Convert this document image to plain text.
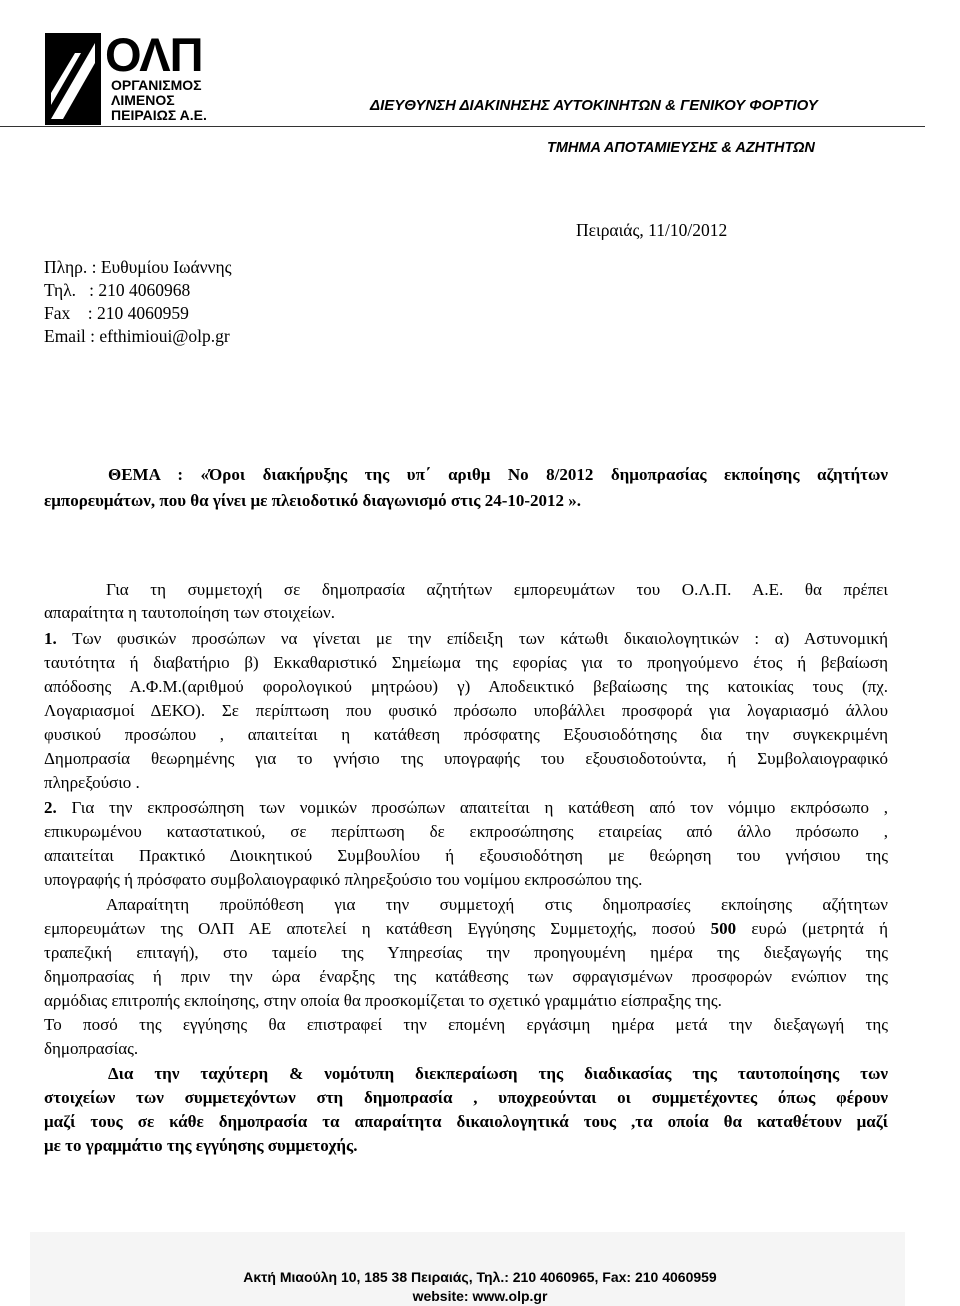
ΟΛΠ
ΟΡΓΑΝΙΣΜΟΣ
ΛΙΜΕΝΟΣ
ΠΕΙΡΑΙΩΣ Α.Ε.
ΔΙΕΥΘΥΝΣΗ ΔΙΑΚΙΝΗΣΗΣ ΑΥΤΟΚΙΝΗΤΩΝ & ΓΕΝΙΚΟΥ ΦΟΡΤΙΟΥ
ΤΜΗΜΑ ΑΠΟΤΑΜΙΕΥΣΗΣ & ΑΖΗΤΗΤΩΝ
Πειραιάς, 11/10/2012
Πληρ. : Ευθυμίου Ιωάννης
Τηλ.   : 210 4060968
Fax    : 210 4060959
Email : efthimioui@olp.gr
ΘΕΜΑ : «Όροι διακήρυξης της υπ΄ αριθμ Νο 8/2012 δημοπρασίας εκποίησης αζητήτων
εμπορευμάτων, που θα γίνει με πλειοδοτικό διαγωνισμό στις 24-10-2012 ».
Για τη συμμετοχή σε δημοπρασία αζητήτων εμπορευμάτων του Ο.Λ.Π. Α.Ε. θα πρέπει
απαραίτητα η ταυτοποίηση των στοιχείων.
1. Των φυσικών προσώπων να γίνεται με την επίδειξη των κάτωθι δικαιολογητικών : α) Αστυνομική
ταυτότητα ή διαβατήριο β) Εκκαθαριστικό Σημείωμα της εφορίας για το προηγούμενο έτος ή βεβαίωση
απόδοσης Α.Φ.Μ.(αριθμού φορολογικού μητρώου) γ) Αποδεικτικό βεβαίωσης της κατοικίας τους (πχ.
Λογαριασμοί ΔΕΚΟ). Σε περίπτωση που φυσικό πρόσωπο υποβάλλει προσφορά για λογαριασμό άλλου
φυσικού προσώπου , απαιτείται η κατάθεση πρόσφατης Εξουσιοδότησης δια την συγκεκριμένη
Δημοπρασία θεωρημένης για το γνήσιο της υπογραφής του εξουσιοδοτούντα, ή Συμβολαιογραφικό
πληρεξούσιο .
2. Για την εκπροσώπηση των νομικών προσώπων απαιτείται η κατάθεση από τον νόμιμο εκπρόσωπο ,
επικυρωμένου καταστατικού, σε περίπτωση δε εκπροσώπησης εταιρείας από άλλο πρόσωπο ,
απαιτείται Πρακτικό Διοικητικού Συμβουλίου ή εξουσιοδότηση με θεώρηση του γνήσιου της
υπογραφής ή πρόσφατο συμβολαιογραφικό πληρεξούσιο του νομίμου εκπροσώπου της.
Απαραίτητη προϋπόθεση για την συμμετοχή στις δημοπρασίες εκποίησης αζήτητων
εμπορευμάτων της ΟΛΠ ΑΕ αποτελεί η κατάθεση Εγγύησης Συμμετοχής, ποσού 500 ευρώ (μετρητά ή
τραπεζική επιταγή), στο ταμείο της Υπηρεσίας την προηγουμένη ημέρα της διεξαγωγής της
δημοπρασίας ή πριν την ώρα έναρξης της κατάθεσης των σφραγισμένων προσφορών ενώπιον της
αρμόδιας επιτροπής εκποίησης, στην οποία θα προσκομίζεται το σχετικό γραμμάτιο είσπραξης της.
Το ποσό της εγγύησης θα επιστραφεί την επομένη εργάσιμη ημέρα μετά την διεξαγωγή της
δημοπρασίας.
Δια την ταχύτερη & νομότυπη διεκπεραίωση της διαδικασίας της ταυτοποίησης των
στοιχείων των συμμετεχόντων στη δημοπρασία , υποχρεούνται οι συμμετέχοντες όπως φέρουν
μαζί τους σε κάθε δημοπρασία τα απαραίτητα δικαιολογητικά τους ,τα οποία θα καταθέτουν μαζί
με το γραμμάτιο της εγγύησης συμμετοχής.
Ακτή Μιαούλη 10, 185 38 Πειραιάς, Τηλ.: 210 4060965, Fax: 210 4060959
website: www.olp.gr
